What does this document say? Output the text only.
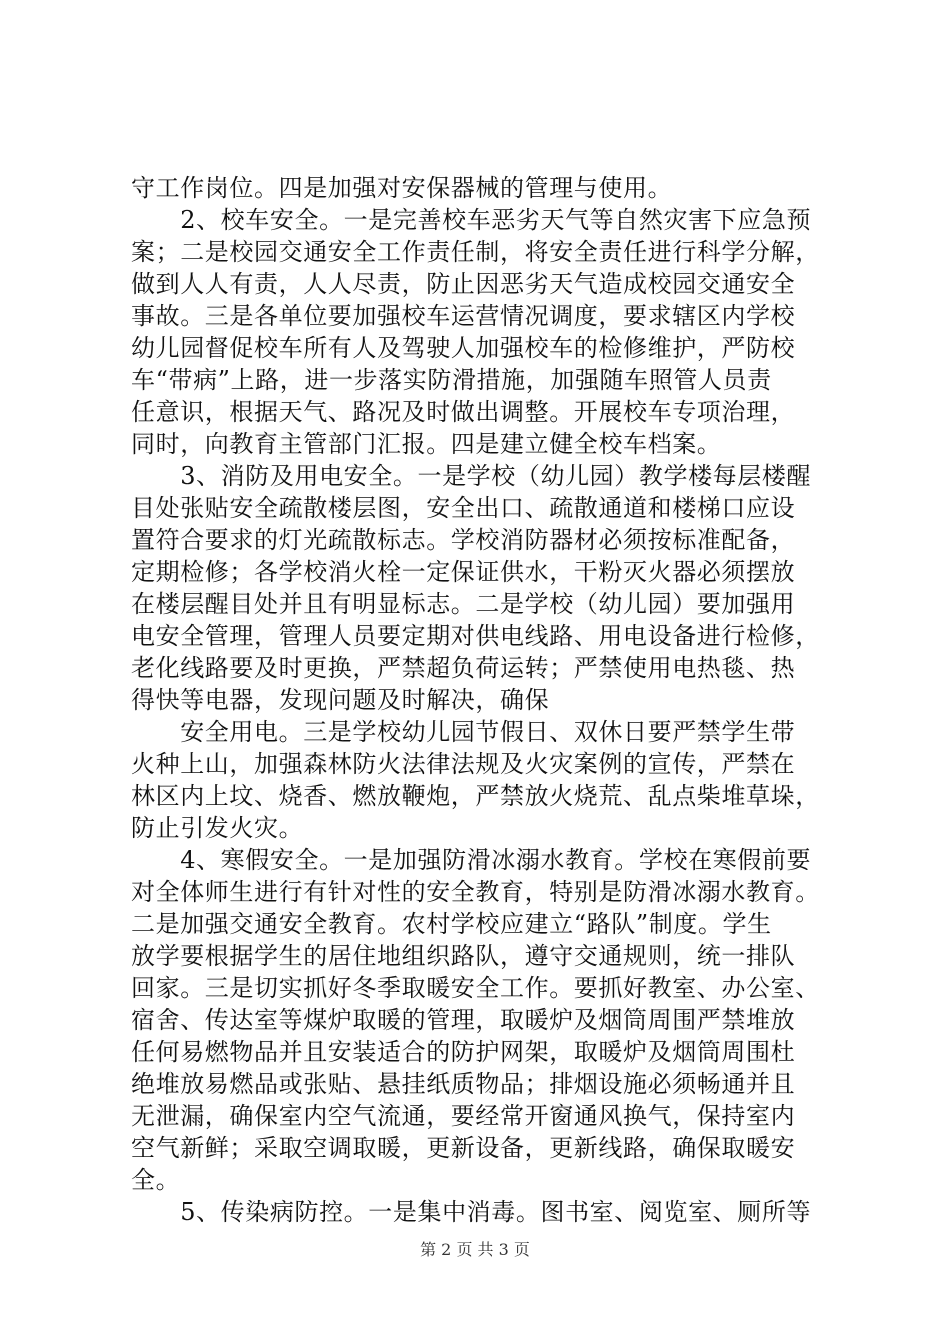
守工作岗位。四是加强对安保器械的管理与使用。
　　2、校车安全。一是完善校车恶劣天气等自然灾害下应急预
案；二是校园交通安全工作责任制，将安全责任进行科学分解，
做到人人有责，人人尽责，防止因恶劣天气造成校园交通安全
事故。三是各单位要加强校车运营情况调度，要求辖区内学校
幼儿园督促校车所有人及驾驶人加强校车的检修维护，严防校
车“带病”上路，进一步落实防滑措施，加强随车照管人员责
任意识，根据天气、路况及时做出调整。开展校车专项治理，
同时，向教育主管部门汇报。四是建立健全校车档案。
　　3、消防及用电安全。一是学校（幼儿园）教学楼每层楼醒
目处张贴安全疏散楼层图，安全出口、疏散通道和楼梯口应设
置符合要求的灯光疏散标志。学校消防器材必须按标准配备，
定期检修；各学校消火栓一定保证供水，干粉灭火器必须摆放
在楼层醒目处并且有明显标志。二是学校（幼儿园）要加强用
电安全管理，管理人员要定期对供电线路、用电设备进行检修，
老化线路要及时更换，严禁超负荷运转；严禁使用电热毯、热
得快等电器，发现问题及时解决，确保
　　安全用电。三是学校幼儿园节假日、双休日要严禁学生带
火种上山，加强森林防火法律法规及火灾案例的宣传，严禁在
林区内上坟、烧香、燃放鞭炮，严禁放火烧荒、乱点柴堆草垛，
防止引发火灾。
　　4、寒假安全。一是加强防滑冰溺水教育。学校在寒假前要
对全体师生进行有针对性的安全教育，特别是防滑冰溺水教育。
二是加强交通安全教育。农村学校应建立“路队”制度。学生
放学要根据学生的居住地组织路队，遵守交通规则，统一排队
回家。三是切实抓好冬季取暖安全工作。要抓好教室、办公室、
宿舍、传达室等煤炉取暖的管理，取暖炉及烟筒周围严禁堆放
任何易燃物品并且安装适合的防护网架，取暖炉及烟筒周围杜
绝堆放易燃品或张贴、悬挂纸质物品；排烟设施必须畅通并且
无泄漏，确保室内空气流通，要经常开窗通风换气，保持室内
空气新鲜；采取空调取暖，更新设备，更新线路，确保取暖安
全。
　　5、传染病防控。一是集中消毒。图书室、阅览室、厕所等
第 2 页 共 3 页
